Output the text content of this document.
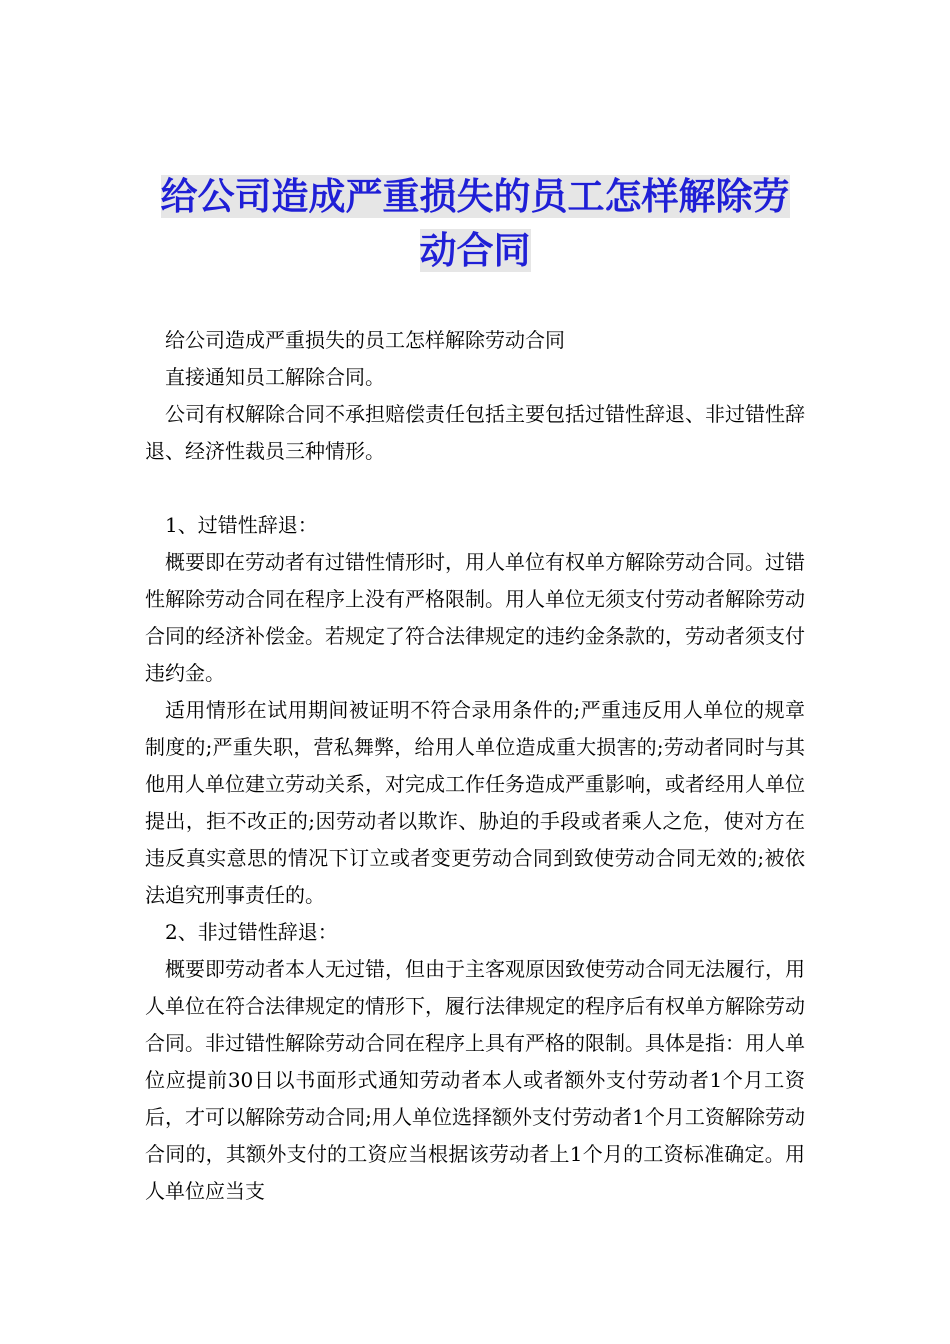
给公司造成严重损失的员工怎样解除劳
动合同

给公司造成严重损失的员工怎样解除劳动合同

直接通知员工解除合同。

公司有权解除合同不承担赔偿责任包括主要包括过错性辞退、非过错性辞退、经济性裁员三种情形。

1、过错性辞退：

概要即在劳动者有过错性情形时，用人单位有权单方解除劳动合同。过错性解除劳动合同在程序上没有严格限制。用人单位无须支付劳动者解除劳动合同的经济补偿金。若规定了符合法律规定的违约金条款的，劳动者须支付违约金。

适用情形在试用期间被证明不符合录用条件的;严重违反用人单位的规章制度的;严重失职，营私舞弊，给用人单位造成重大损害的;劳动者同时与其他用人单位建立劳动关系，对完成工作任务造成严重影响，或者经用人单位提出，拒不改正的;因劳动者以欺诈、胁迫的手段或者乘人之危，使对方在违反真实意思的情况下订立或者变更劳动合同到致使劳动合同无效的;被依法追究刑事责任的。

2、非过错性辞退：

概要即劳动者本人无过错，但由于主客观原因致使劳动合同无法履行，用人单位在符合法律规定的情形下，履行法律规定的程序后有权单方解除劳动合同。非过错性解除劳动合同在程序上具有严格的限制。具体是指：用人单位应提前30日以书面形式通知劳动者本人或者额外支付劳动者1个月工资后，才可以解除劳动合同;用人单位选择额外支付劳动者1个月工资解除劳动合同的，其额外支付的工资应当根据该劳动者上1个月的工资标准确定。用人单位应当支
